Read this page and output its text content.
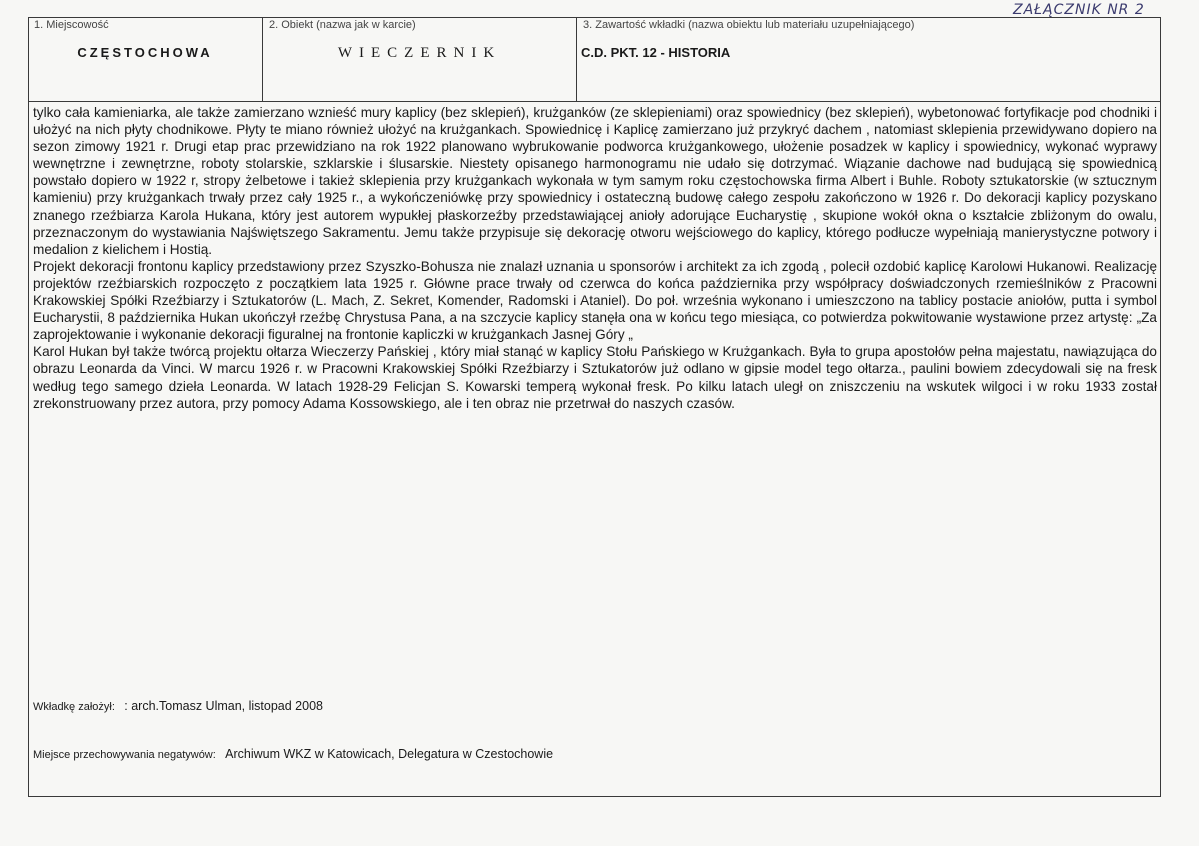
ZAŁĄCZNIK NR 2
1. Miejscowość
CZĘSTOCHOWA
2. Obiekt (nazwa jak w karcie)
WIECZERNIK
3. Zawartość wkładki (nazwa obiektu lub materiału uzupełniającego)
C.D. PKT. 12 - HISTORIA

tylko cała kamieniarka, ale także zamierzano wznieść mury kaplicy (bez sklepień), krużganków (ze sklepieniami) oraz spowiednicy (bez sklepień), wybetonować fortyfikacje pod chodniki i ułożyć na nich płyty chodnikowe. Płyty te miano również ułożyć na krużgankach. Spowiednicę i Kaplicę zamierzano już przykryć dachem , natomiast sklepienia przewidywano dopiero na sezon zimowy 1921 r. Drugi etap prac przewidziano na rok 1922 planowano wybrukowanie podworca krużgankowego, ułożenie posadzek w kaplicy i spowiednicy, wykonać wyprawy wewnętrzne i zewnętrzne, roboty stolarskie, szklarskie i ślusarskie. Niestety opisanego harmonogramu nie udało się dotrzymać. Wiązanie dachowe nad budującą się spowiednicą powstało dopiero w 1922 r, stropy żelbetowe i takież sklepienia przy krużgankach wykonała w tym samym roku częstochowska firma Albert i Buhle. Roboty sztukatorskie (w sztucznym kamieniu) przy krużgankach trwały przez cały 1925 r., a wykończeniówkę przy spowiednicy i ostateczną budowę całego zespołu zakończono w 1926 r. Do dekoracji kaplicy pozyskano znanego rzeźbiarza Karola Hukana, który jest autorem wypukłej płaskorzeźby przedstawiającej anioły adorujące Eucharystię , skupione wokół okna o kształcie zbliżonym do owalu, przeznaczonym do wystawiania Najświętszego Sakramentu. Jemu także przypisuje się dekorację otworu wejściowego do kaplicy, którego podłucze wypełniają manierystyczne potwory i medalion z kielichem i Hostią.

Projekt dekoracji frontonu kaplicy przedstawiony przez Szyszko-Bohusza nie znalazł uznania u sponsorów i architekt za ich zgodą , polecił ozdobić kaplicę Karolowi Hukanowi. Realizację projektów rzeźbiarskich rozpoczęto z początkiem lata 1925 r. Główne prace trwały od czerwca do końca października przy współpracy doświadczonych rzemieślników z Pracowni Krakowskiej Spółki Rzeźbiarzy i Sztukatorów (L. Mach, Z. Sekret, Komender, Radomski i Ataniel). Do poł. września wykonano i umieszczono na tablicy postacie aniołów, putta i symbol Eucharystii, 8 października Hukan ukończył rzeźbę Chrystusa Pana, a na szczycie kaplicy stanęła ona w końcu tego miesiąca, co potwierdza pokwitowanie wystawione przez artystę: „Za zaprojektowanie i wykonanie dekoracji figuralnej na frontonie kapliczki w krużgankach Jasnej Góry „

Karol Hukan był także twórcą projektu ołtarza Wieczerzy Pańskiej , który miał stanąć w kaplicy Stołu Pańskiego w Krużgankach. Była to grupa apostołów pełna majestatu, nawiązująca do obrazu Leonarda da Vinci. W marcu 1926 r. w Pracowni Krakowskiej Spółki Rzeźbiarzy i Sztukatorów już odlano w gipsie model tego ołtarza., paulini bowiem zdecydowali się na fresk według tego samego dzieła Leonarda. W latach 1928-29 Felicjan S. Kowarski temperą wykonał fresk. Po kilku latach uległ on zniszczeniu na wskutek wilgoci i w roku 1933 został zrekonstruowany przez autora, przy pomocy Adama Kossowskiego, ale i ten obraz nie przetrwał do naszych czasów.

Wkładkę założył: : arch.Tomasz Ulman, listopad 2008
Miejsce przechowywania negatywów: Archiwum WKZ w Katowicach, Delegatura w Czestochowie
